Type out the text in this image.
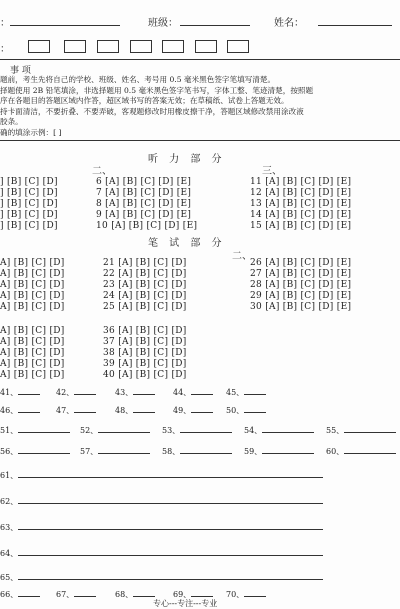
：	班级：	姓名：
：
事 项
题前，考生先将自己的学校、班级、姓名、考号用 0.5 毫米黑色签字笔填写清楚。
择题使用 2B 铅笔填涂，非选择题用 0.5 毫米黑色签字笔书写，字体工整、笔迹清楚，按照题
序在各题目的答题区域内作答，超区域书写的答案无效；在草稿纸、试卷上答题无效。
持卡面清洁，不要折叠、不要弄破，客观题修改时用橡皮擦干净，答题区域修改禁用涂改液
胶条。
确的填涂示例：[ ]
听 力 部 分
二、	三、
] [B] [C] [D]
] [B] [C] [D]
] [B] [C] [D]
] [B] [C] [D]
] [B] [C] [D]
6 [A] [B] [C] [D] [E]
7 [A] [B] [C] [D] [E]
8 [A] [B] [C] [D] [E]
9 [A] [B] [C] [D] [E]
10 [A] [B] [C] [D] [E]
11 [A] [B] [C] [D] [E]
12 [A] [B] [C] [D] [E]
13 [A] [B] [C] [D] [E]
14 [A] [B] [C] [D] [E]
15 [A] [B] [C] [D] [E]
笔 试 部 分
二、
A] [B] [C] [D]
A] [B] [C] [D]
A] [B] [C] [D]
A] [B] [C] [D]
A] [B] [C] [D]
21 [A] [B] [C] [D]
22 [A] [B] [C] [D]
23 [A] [B] [C] [D]
24 [A] [B] [C] [D]
25 [A] [B] [C] [D]
26 [A] [B] [C] [D] [E]
27 [A] [B] [C] [D] [E]
28 [A] [B] [C] [D] [E]
29 [A] [B] [C] [D] [E]
30 [A] [B] [C] [D] [E]
A] [B] [C] [D]
A] [B] [C] [D]
A] [B] [C] [D]
A] [B] [C] [D]
A] [B] [C] [D]
36 [A] [B] [C] [D]
37 [A] [B] [C] [D]
38 [A] [B] [C] [D]
39 [A] [B] [C] [D]
40 [A] [B] [C] [D]
41、	42、	43、	44、	45、
46、	47、	48、	49、	50、
51、	52、	53、	54、	55、
56、	57、	58、	59、	60、
61、
62、
63、
64、
65、
66、	67、	68、	69、	70、
专心---专注---专业
